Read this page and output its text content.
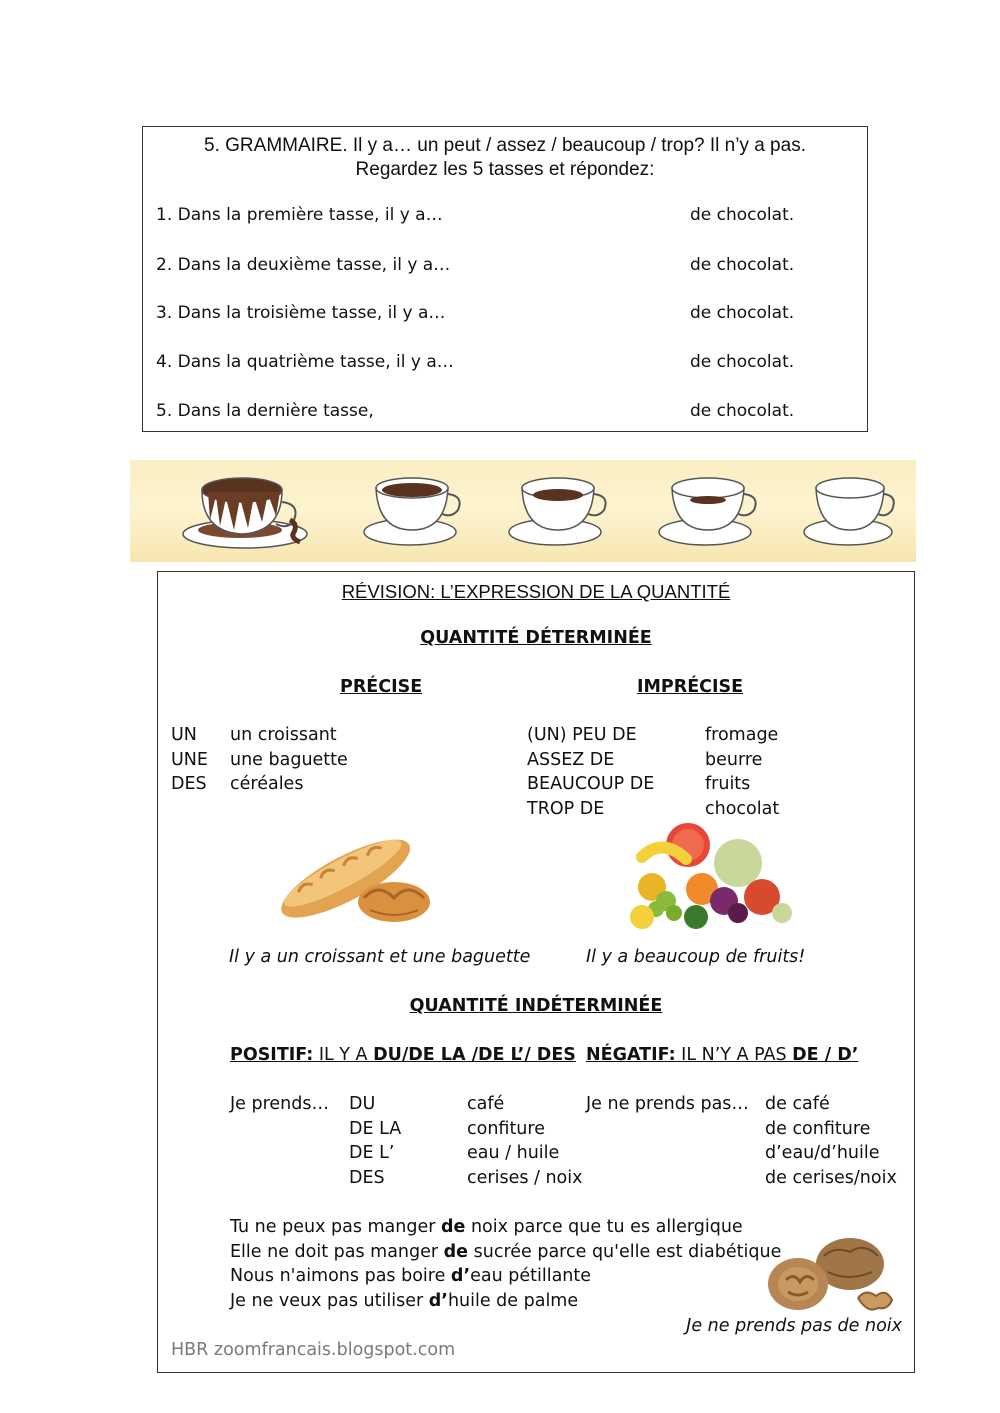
5. GRAMMAIRE. Il y a… un peut / assez / beaucoup / trop? Il n’y a pas.
Regardez les 5 tasses et répondez:
1. Dans la première tasse, il y a…	de chocolat.
2. Dans la deuxième tasse, il y a…	de chocolat.
3. Dans la troisième tasse, il y a…	de chocolat.
4. Dans la quatrième tasse, il y a…	de chocolat.
5. Dans la dernière tasse,	de chocolat.
RÉVISION: L’EXPRESSION DE LA QUANTITÉ
QUANTITÉ DÉTERMINÉE
PRÉCISE	IMPRÉCISE
UN un croissant
UNE une baguette
DES céréales
(UN) PEU DE	fromage
ASSEZ DE	beurre
BEAUCOUP DE	fruits
TROP DE	chocolat
Il y a un croissant et une baguette	Il y a beaucoup de fruits!
QUANTITÉ INDÉTERMINÉE
POSITIF: IL Y A DU/DE LA /DE L’/ DES NÉGATIF: IL N’Y A PAS DE / D’
Je prends…	Je ne prends pas…
DU	café	de café
DE LA	confiture	de confiture
DE L’	eau / huile	d’eau/d’huile
DES	cerises / noix	de cerises/noix
Tu ne peux pas manger de noix parce que tu es allergique
Elle ne doit pas manger de sucrée parce qu'elle est diabétique
Nous n'aimons pas boire d’eau pétillante
Je ne veux pas utiliser d’huile de palme
Je ne prends pas de noix
HBR zoomfrancais.blogspot.com
